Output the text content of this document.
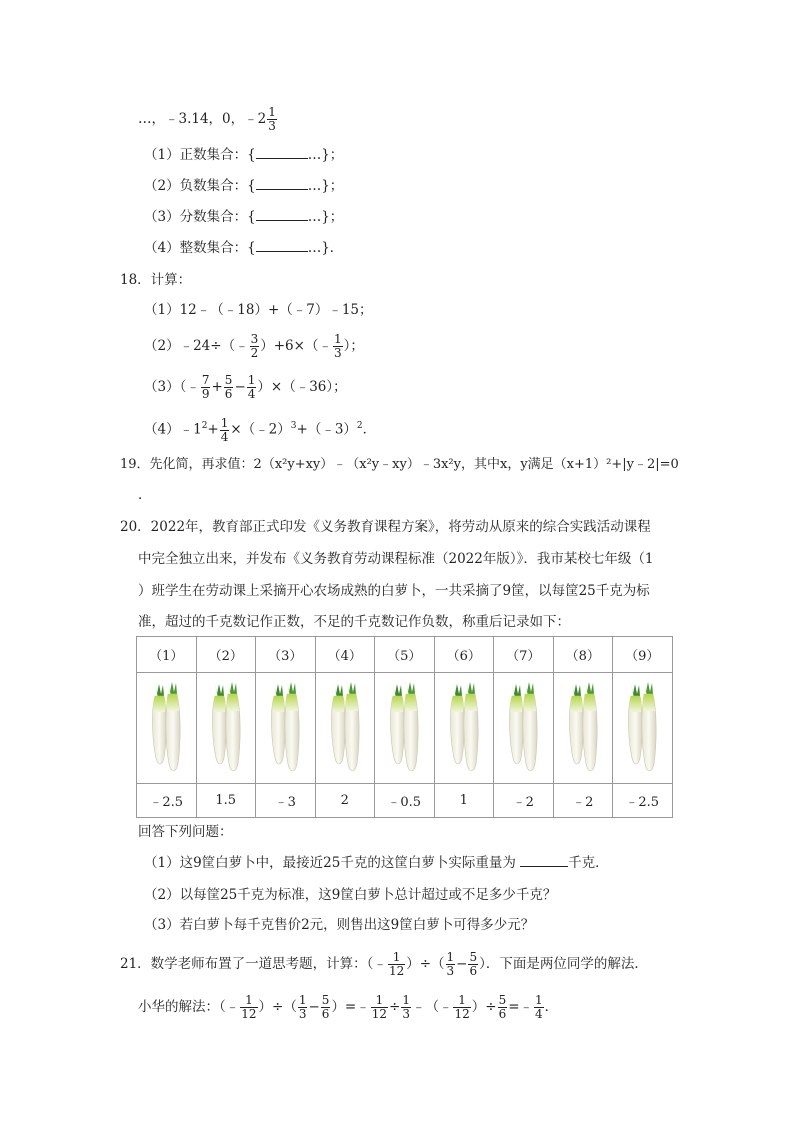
…，﹣3.14，0，﹣2 $\frac{1}{3}$
（1）正数集合：{	…}；
（2）负数集合：{	…}；
（3）分数集合：{	…}；
（4）整数集合：{	…}．
18．计算：
（1）12﹣（﹣18）+（﹣7）﹣15；
（2）﹣24÷（﹣ $\frac{3}{2}$ ）+6×（﹣ $\frac{1}{3}$ ）；
（3）（﹣ $\frac{7}{9} + \frac{5}{6} - \frac{1}{4}$ ）×（﹣36）；
$(4)﹣1^2+ \frac{1}{4}$ ×（﹣2）$^3$+（﹣3）$^2$．
19．先化简，再求值：2（x²y+xy）﹣（x²y﹣xy）﹣3x²y，其中x，y满足（x+1）²+|y﹣2|=0
．
20．2022年，教育部正式印发《义务教育课程方案》，将劳动从原来的综合实践活动课程
中完全独立出来，并发布《义务教育劳动课程标准（2022年版）》．我市某校七年级（1
）班学生在劳动课上采摘开心农场成熟的白萝卜，一共采摘了9筐，以每筐25千克为标
准，超过的千克数记作正数，不足的千克数记作负数，称重后记录如下：
（1）	（2）	（3）	（4）	（5）	（6）	（7）	（8）	（9）

﹣2.5	1.5	﹣3	2	﹣0.5	1	﹣2	﹣2	﹣2.5
回答下列问题：
（1）这9筐白萝卜中，最接近25千克的这筐白萝卜实际重量为	千克．
（2）以每筐25千克为标准，这9筐白萝卜总计超过或不足多少千克？
（3）若白萝卜每千克售价2元，则售出这9筐白萝卜可得多少元？
21．数学老师布置了一道思考题，计算：（﹣ $\frac{1}{12}$ ）÷（ $\frac{1}{3} - \frac{5}{6}$ ）．下面是两位同学的解法．
小华的解法：（﹣ $\frac{1}{12}$ ）÷（ $\frac{1}{3} - \frac{5}{6}$ ）=﹣ $\frac{1}{12} \div \frac{1}{3}$ ﹣（﹣ $\frac{1}{12}$ ）÷ $\frac{5}{6}$ =﹣ $\frac{1}{4}$ ．
